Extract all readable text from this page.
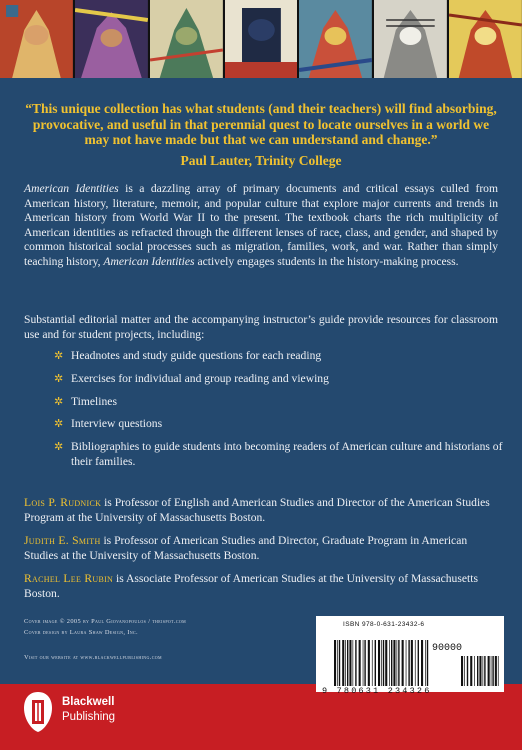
“This unique collection has what students (and their teachers) will find absorbing, provocative, and useful in that perennial quest to locate ourselves in a world we may not have made but that we can understand and change.”
Paul Lauter, Trinity College
American Identities is a dazzling array of primary documents and critical essays culled from American history, literature, memoir, and popular culture that explore major currents and trends in American history from World War II to the present. The textbook charts the rich multiplicity of American identities as refracted through the different lenses of race, class, and gender, and shaped by common historical social processes such as migration, families, work, and war. Rather than simply teaching history, American Identities actively engages students in the history-making process.
Substantial editorial matter and the accompanying instructor’s guide provide resources for classroom use and for student projects, including:
✲ Headnotes and study guide questions for each reading
✲ Exercises for individual and group reading and viewing
✲ Timelines
✲ Interview questions
✲ Bibliographies to guide students into becoming readers of American culture and historians of their families.
Lois P. Rudnick is Professor of English and American Studies and Director of the American Studies Program at the University of Massachusetts Boston.
Judith E. Smith is Professor of American Studies and Director, Graduate Program in American Studies at the University of Massachusetts Boston.
Rachel Lee Rubin is Associate Professor of American Studies at the University of Massachusetts Boston.
Cover image © 2005 by Paul Giovanopoulos / theispot.com
Cover design by Laura Shaw Design, Inc.
Visit our website at www.blackwellpublishing.com
Blackwell
Publishing
ISBN 978-0-631-23432-6
90000
9 780631 234326
